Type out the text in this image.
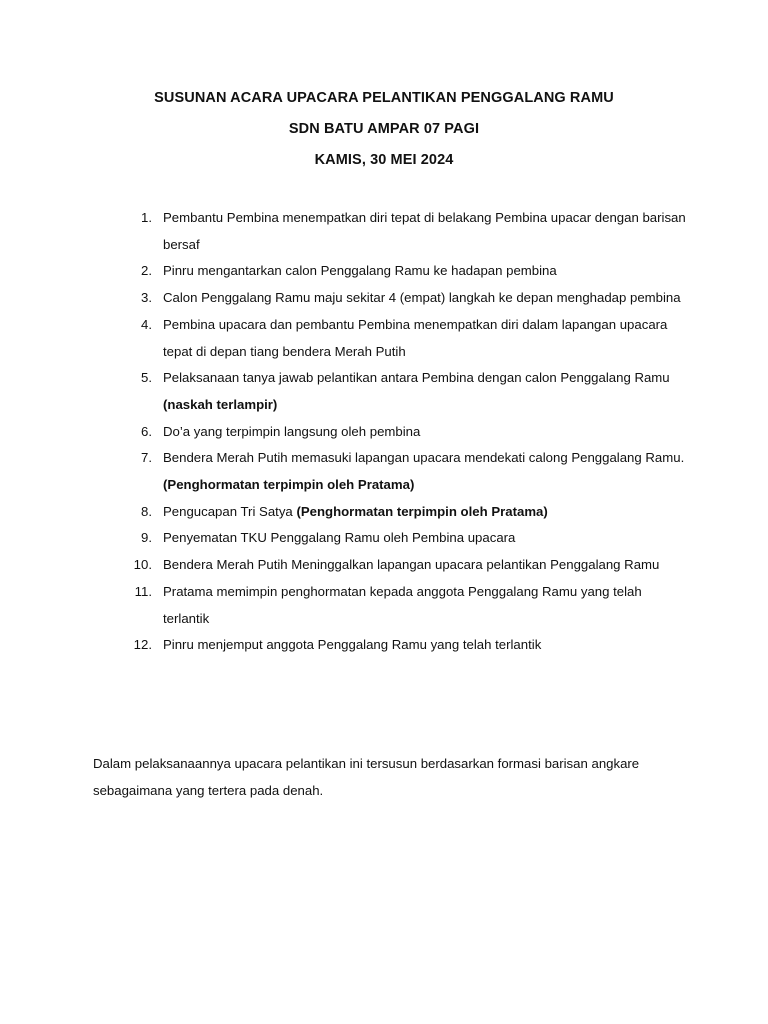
SUSUNAN ACARA UPACARA PELANTIKAN PENGGALANG RAMU
SDN BATU AMPAR 07 PAGI
KAMIS, 30 MEI 2024
1. Pembantu Pembina menempatkan diri tepat di belakang Pembina upacar dengan barisan bersaf
2. Pinru mengantarkan calon Penggalang Ramu ke hadapan pembina
3. Calon Penggalang Ramu maju sekitar 4 (empat) langkah ke depan menghadap pembina
4. Pembina upacara dan pembantu Pembina menempatkan diri dalam lapangan upacara tepat di depan tiang bendera Merah Putih
5. Pelaksanaan tanya jawab pelantikan antara Pembina dengan calon Penggalang Ramu (naskah terlampir)
6. Do’a yang terpimpin langsung oleh pembina
7. Bendera Merah Putih memasuki lapangan upacara mendekati calong Penggalang Ramu. (Penghormatan terpimpin oleh Pratama)
8. Pengucapan Tri Satya (Penghormatan terpimpin oleh Pratama)
9. Penyematan TKU Penggalang Ramu oleh Pembina upacara
10. Bendera Merah Putih Meninggalkan lapangan upacara pelantikan Penggalang Ramu
11. Pratama memimpin penghormatan kepada anggota Penggalang Ramu yang telah terlantik
12. Pinru menjemput anggota Penggalang Ramu yang telah terlantik

Dalam pelaksanaannya upacara pelantikan ini tersusun berdasarkan formasi barisan angkare sebagaimana yang tertera pada denah.
